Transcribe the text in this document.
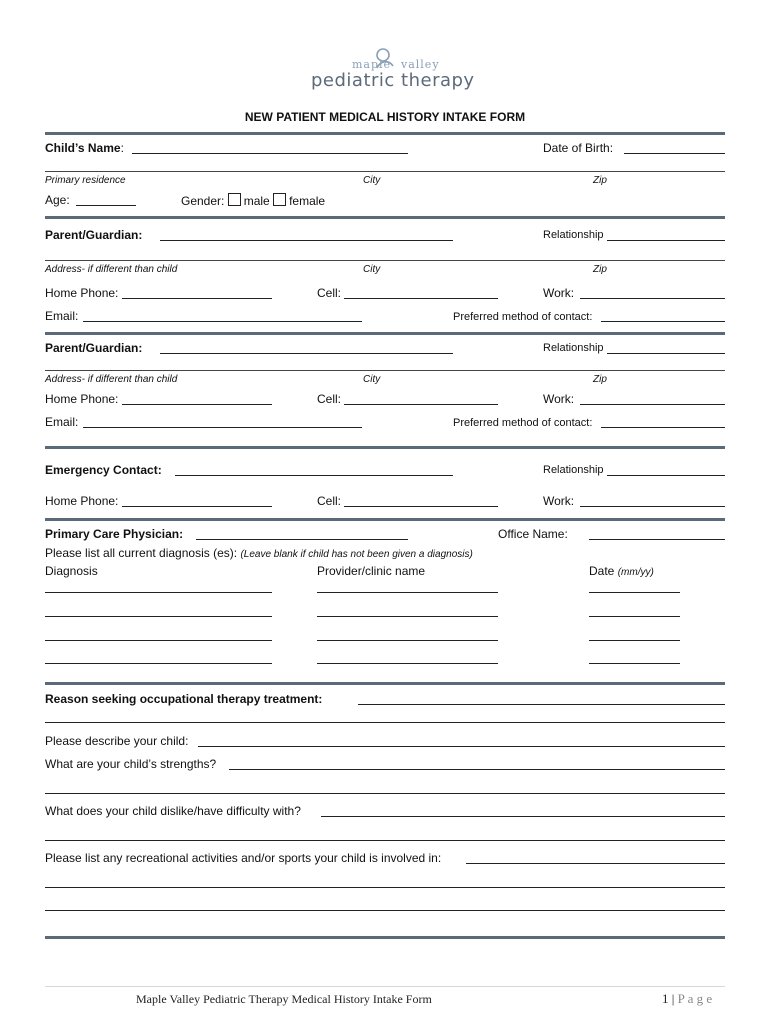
maple valley
pediatric therapy
NEW PATIENT MEDICAL HISTORY INTAKE FORM
Child’s Name:	Date of Birth:
Primary residence	City	Zip
Age:	Gender: male female
Parent/Guardian:	Relationship
Address- if different than child	City	Zip
Home Phone:	Cell:	Work:
Email:	Preferred method of contact:
Parent/Guardian:	Relationship
Address- if different than child	City	Zip
Home Phone:	Cell:	Work:
Email:	Preferred method of contact:
Emergency Contact:	Relationship
Home Phone:	Cell:	Work:
Primary Care Physician:	Office Name:
Please list all current diagnosis (es): (Leave blank if child has not been given a diagnosis)
Diagnosis	Provider/clinic name	Date (mm/yy)
Reason seeking occupational therapy treatment:
Please describe your child:
What are your child’s strengths?
What does your child dislike/have difficulty with?
Please list any recreational activities and/or sports your child is involved in:
Maple Valley Pediatric Therapy Medical History Intake Form	1 | P a g e
